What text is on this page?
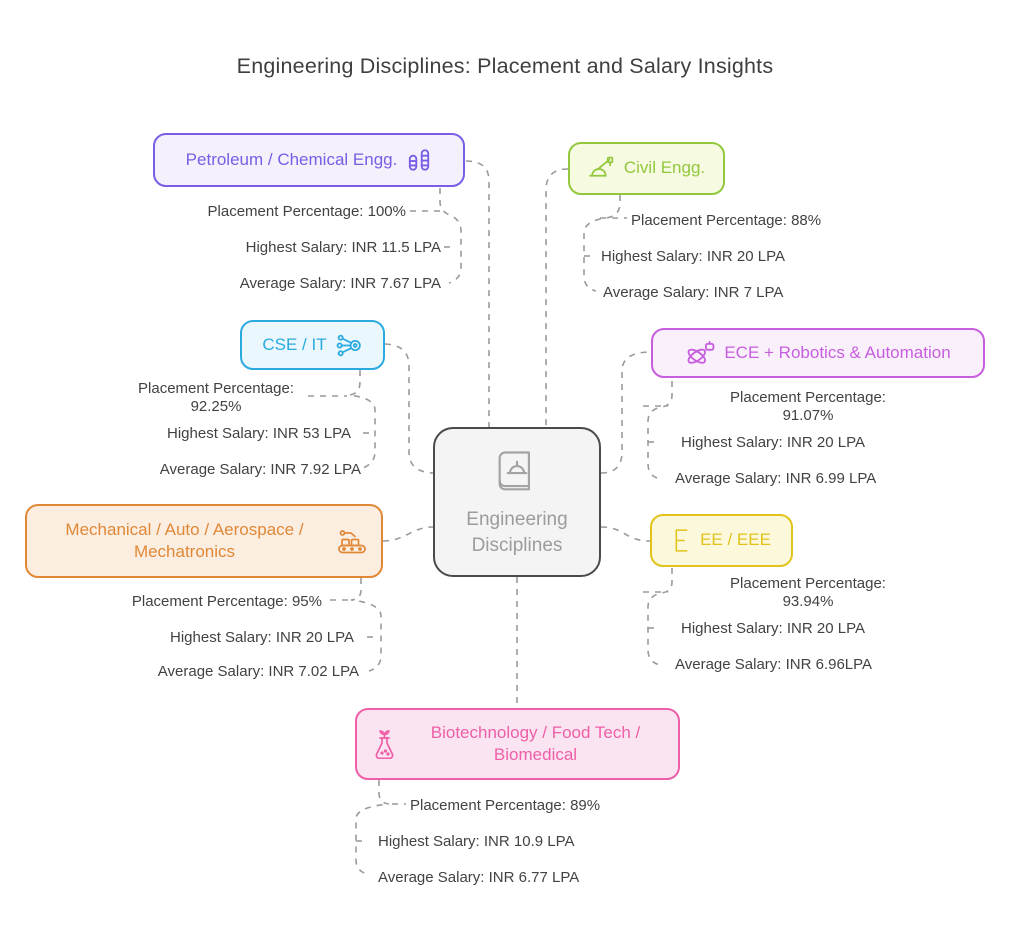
Engineering Disciplines: Placement and Salary Insights
Engineering
Disciplines
Petroleum / Chemical Engg.
Placement Percentage: 100%
Highest Salary: INR 11.5 LPA
Average Salary: INR 7.67 LPA
Civil Engg.
Placement Percentage: 88%
Highest Salary: INR 20 LPA
Average Salary: INR 7 LPA
CSE / IT
Placement Percentage: 92.25%
Highest Salary: INR 53 LPA
Average Salary: INR 7.92 LPA
ECE + Robotics & Automation
Placement Percentage: 91.07%
Highest Salary: INR 20 LPA
Average Salary: INR 6.99 LPA
Mechanical / Auto / Aerospace / Mechatronics
Placement Percentage: 95%
Highest Salary: INR 20 LPA
Average Salary: INR 7.02 LPA
EE / EEE
Placement Percentage: 93.94%
Highest Salary: INR 20 LPA
Average Salary: INR 6.96LPA
Biotechnology / Food Tech / Biomedical
Placement Percentage: 89%
Highest Salary: INR 10.9 LPA
Average Salary: INR 6.77 LPA
